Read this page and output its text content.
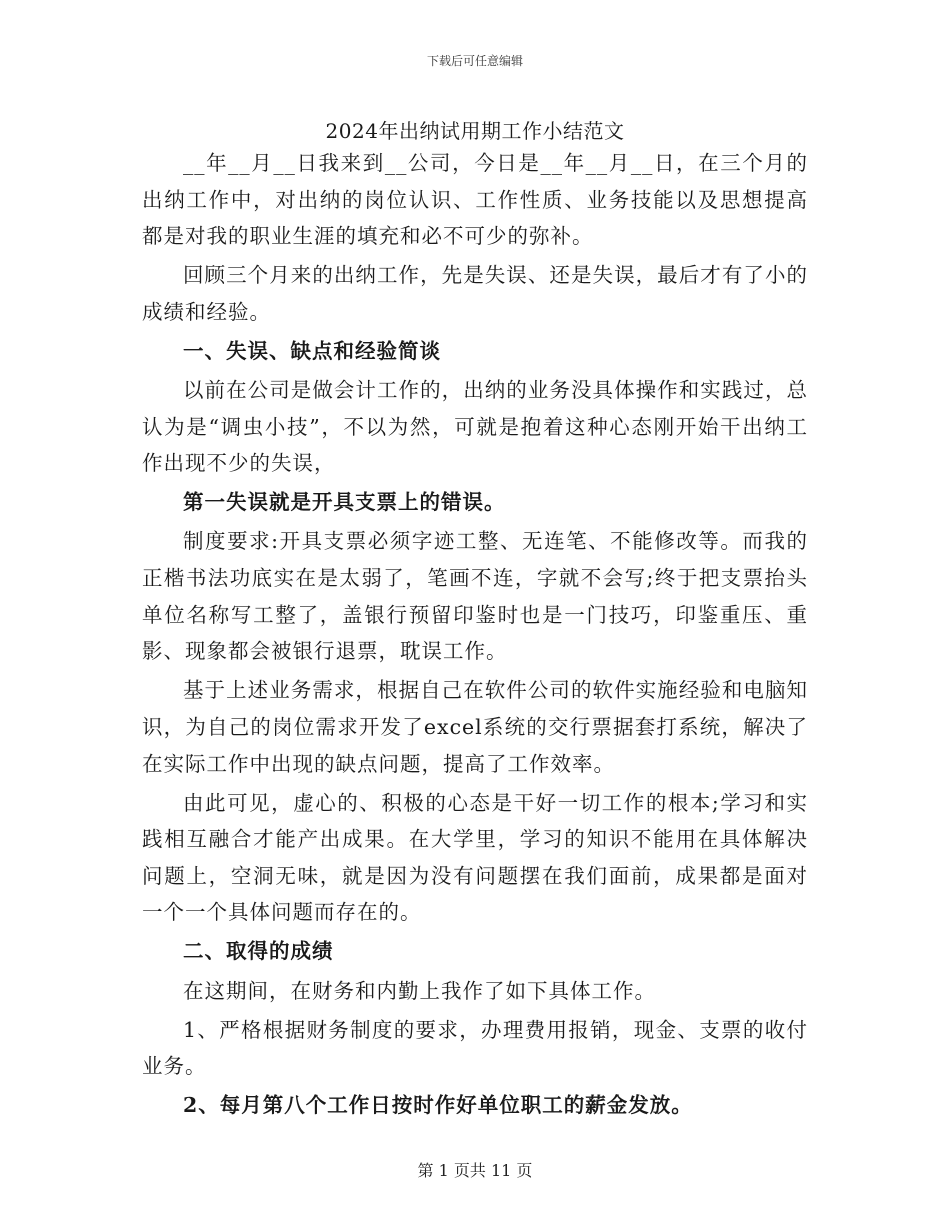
下载后可任意编辑
2024年出纳试用期工作小结范文

__年__月__日我来到__公司，今日是__年__月__日，在三个月的出纳工作中，对出纳的岗位认识、工作性质、业务技能以及思想提高都是对我的职业生涯的填充和必不可少的弥补。

回顾三个月来的出纳工作，先是失误、还是失误，最后才有了小的成绩和经验。

一、失误、缺点和经验简谈

以前在公司是做会计工作的，出纳的业务没具体操作和实践过，总认为是“调虫小技”，不以为然，可就是抱着这种心态刚开始干出纳工作出现不少的失误，

第一失误就是开具支票上的错误。

制度要求:开具支票必须字迹工整、无连笔、不能修改等。而我的正楷书法功底实在是太弱了，笔画不连，字就不会写;终于把支票抬头单位名称写工整了，盖银行预留印鉴时也是一门技巧，印鉴重压、重影、现象都会被银行退票，耽误工作。

基于上述业务需求，根据自己在软件公司的软件实施经验和电脑知识，为自己的岗位需求开发了excel系统的交行票据套打系统，解决了在实际工作中出现的缺点问题，提高了工作效率。

由此可见，虚心的、积极的心态是干好一切工作的根本;学习和实践相互融合才能产出成果。在大学里，学习的知识不能用在具体解决问题上，空洞无味，就是因为没有问题摆在我们面前，成果都是面对一个一个具体问题而存在的。

二、取得的成绩

在这期间，在财务和内勤上我作了如下具体工作。

1、严格根据财务制度的要求，办理费用报销，现金、支票的收付业务。

2、每月第八个工作日按时作好单位职工的薪金发放。

第 1 页共 11 页
